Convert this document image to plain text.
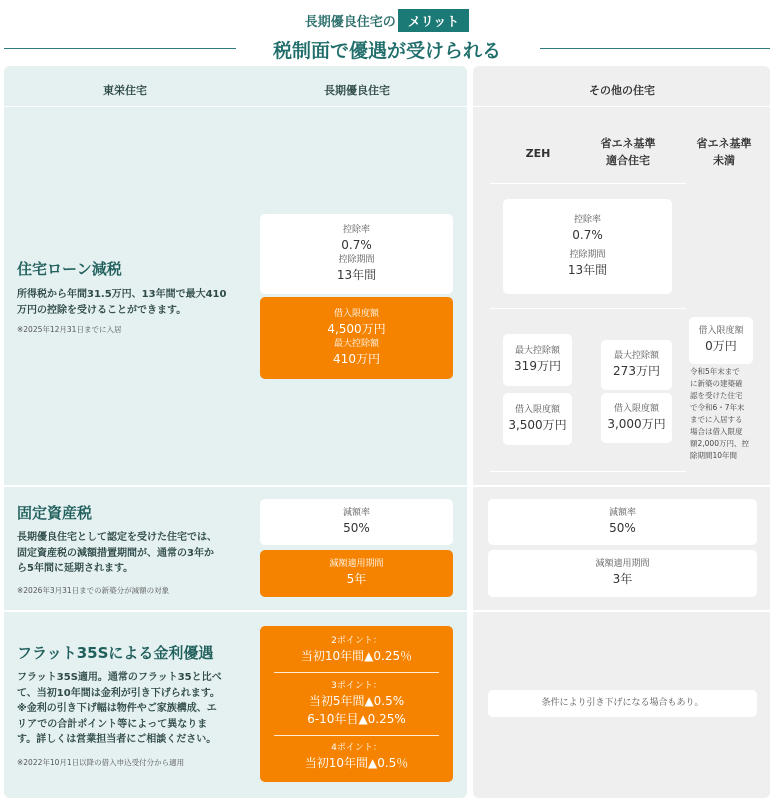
長期優良住宅の メリット
税制面で優遇が受けられる
東栄住宅	長期優良住宅	その他の住宅
ZEH
省エネ基準
適合住宅
省エネ基準
未満
住宅ローン減税
所得税から年間31.5万円、13年間で最大410
万円の控除を受けることができます。
※2025年12月31日までに入居
控除率
0.7%
控除期間
13年間
借入限度額
4,500万円
最大控除額
410万円
控除率
0.7%
控除期間
13年間
最大控除額
319万円
借入限度額
3,500万円
最大控除額
273万円
借入限度額
3,000万円
借入限度額
0万円
令和5年末まで
に新築の建築確
認を受けた住宅
で令和6・7年末
までに入居する
場合は借入限度
額2,000万円、控
除期間10年間
固定資産税
長期優良住宅として認定を受けた住宅では、
固定資産税の減額措置期間が、通常の3年か
ら5年間に延期されます。
※2026年3月31日までの新築分が減額の対象
減額率
50%
減額適用期間
5年
減額率
50%
減額適用期間
3年
フラット35Sによる金利優遇
フラット35S適用。通常のフラット35と比べ
て、当初10年間は金利が引き下げられます。
※金利の引き下げ幅は物件やご家族構成、エ
リアでの合計ポイント等によって異なりま
す。詳しくは営業担当者にご相談ください。
※2022年10月1日以降の借入申込受付分から適用
2ポイント：
当初10年間▲0.25％
3ポイント：
当初5年間▲0.5%
6-10年目▲0.25%
4ポイント：
当初10年間▲0.5％
条件により引き下げになる場合もあり。
